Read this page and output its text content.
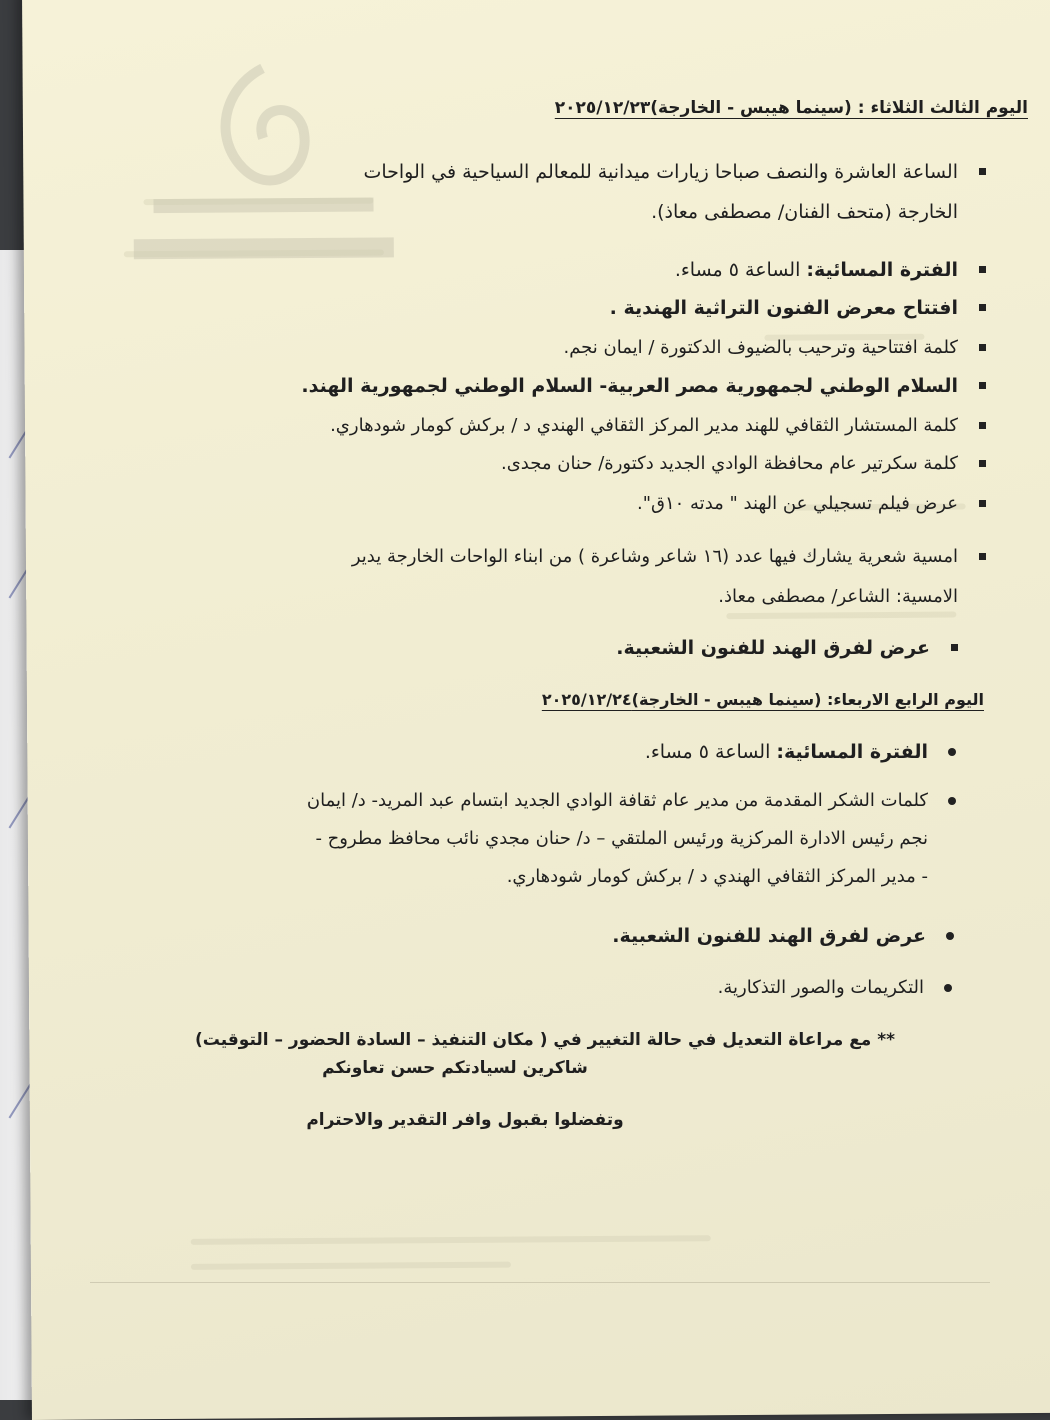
اليوم الثالث الثلاثاء : (سينما هيبس - الخارجة)٢٠٢٥/١٢/٢٣
الساعة العاشرة والنصف صباحا زيارات ميدانية للمعالم السياحية في الواحات
الخارجة (متحف الفنان/ مصطفى معاذ).
الفترة المسائية: الساعة ٥ مساء.
افتتاح معرض الفنون التراثية الهندية .
كلمة افتتاحية وترحيب بالضيوف الدكتورة / ايمان نجم.
السلام الوطني لجمهورية مصر العربية- السلام الوطني لجمهورية الهند.
كلمة المستشار الثقافي للهند مدير المركز الثقافي الهندي د / بركش كومار شودهاري.
كلمة سكرتير عام محافظة الوادي الجديد دكتورة/ حنان مجدى.
عرض فيلم تسجيلي عن الهند " مدته ١٠ق".
امسية شعرية يشارك فيها عدد (١٦ شاعر وشاعرة ) من ابناء الواحات الخارجة يدير
الامسية: الشاعر/ مصطفى معاذ.
عرض لفرق الهند للفنون الشعبية.
اليوم الرابع الاربعاء: (سينما هيبس - الخارجة)٢٠٢٥/١٢/٢٤
الفترة المسائية: الساعة ٥ مساء.
كلمات الشكر المقدمة من مدير عام ثقافة الوادي الجديد ابتسام عبد المريد- د/ ايمان
نجم رئيس الادارة المركزية ورئيس الملتقي – د/ حنان مجدي نائب محافظ مطروح -
- مدير المركز الثقافي الهندي د / بركش كومار شودهاري.
عرض لفرق الهند للفنون الشعبية.
التكريمات والصور التذكارية.
** مع مراعاة التعديل في حالة التغيير في ( مكان التنفيذ – السادة الحضور – التوقيت)
شاكرين لسيادتكم حسن تعاونكم
وتفضلوا بقبول وافر التقدير والاحترام
